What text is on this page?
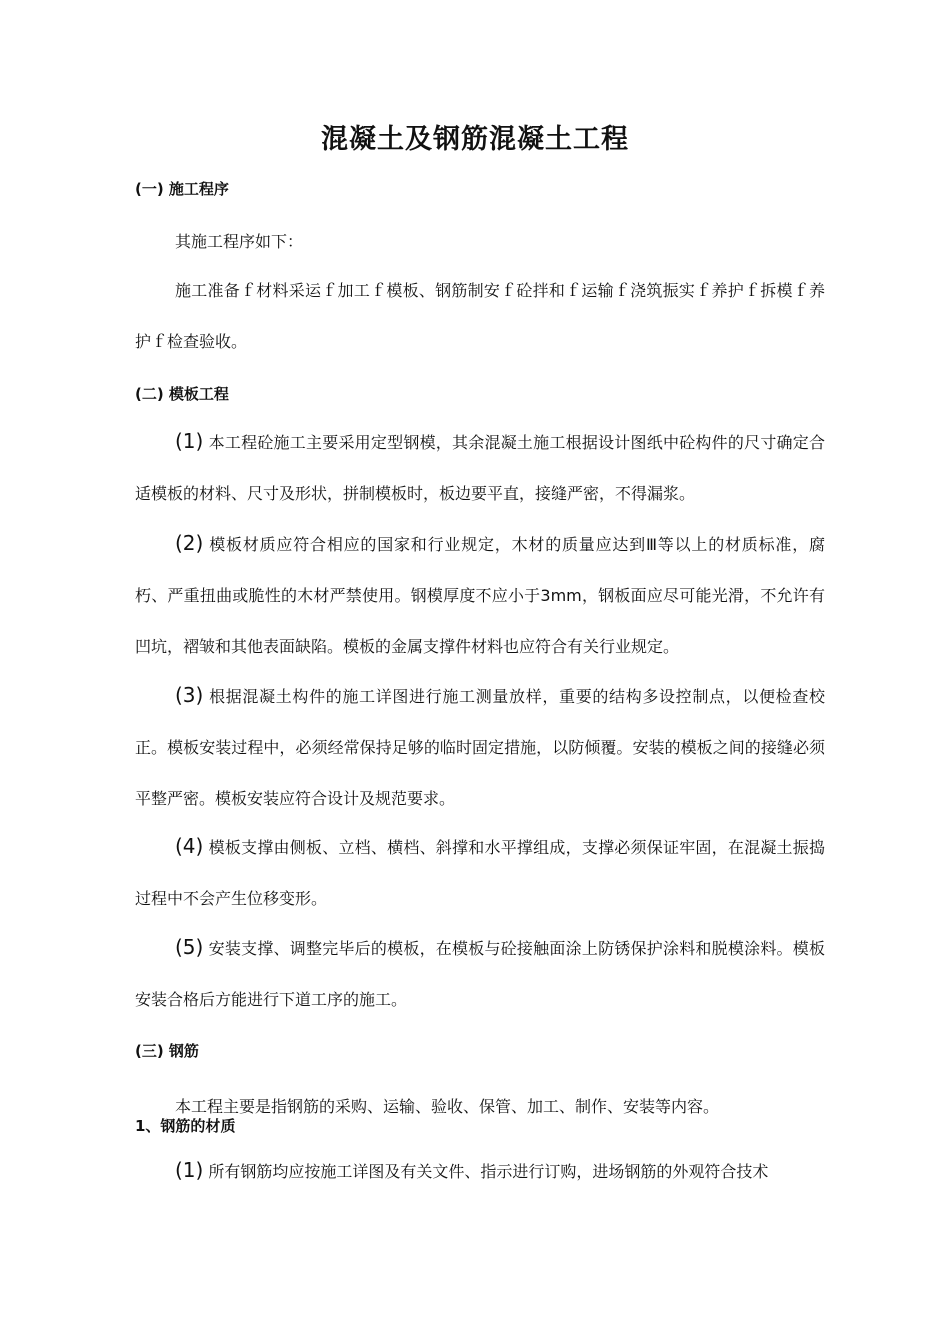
混凝土及钢筋混凝土工程
(一) 施工程序
其施工程序如下：

施工准备ｆ材料采运ｆ加工ｆ模板、钢筋制安ｆ砼拌和ｆ运输ｆ浇筑振实ｆ养护ｆ拆模ｆ养护ｆ检查验收。

(二) 模板工程

(1) 本工程砼施工主要采用定型钢模，其余混凝土施工根据设计图纸中砼构件的尺寸确定合适模板的材料、尺寸及形状，拼制模板时，板边要平直，接缝严密，不得漏浆。

(2) 模板材质应符合相应的国家和行业规定，木材的质量应达到Ⅲ等以上的材质标准，腐朽、严重扭曲或脆性的木材严禁使用。钢模厚度不应小于3mm，钢板面应尽可能光滑，不允许有凹坑，褶皱和其他表面缺陷。模板的金属支撑件材料也应符合有关行业规定。

(3) 根据混凝土构件的施工详图进行施工测量放样，重要的结构多设控制点，以便检查校正。模板安装过程中，必须经常保持足够的临时固定措施，以防倾覆。安装的模板之间的接缝必须平整严密。模板安装应符合设计及规范要求。

(4) 模板支撑由侧板、立档、横档、斜撑和水平撑组成，支撑必须保证牢固，在混凝土振捣过程中不会产生位移变形。

(5) 安装支撑、调整完毕后的模板，在模板与砼接触面涂上防锈保护涂料和脱模涂料。模板安装合格后方能进行下道工序的施工。

(三) 钢筋
本工程主要是指钢筋的采购、运输、验收、保管、加工、制作、安装等内容。
1、钢筋的材质

(1) 所有钢筋均应按施工详图及有关文件、指示进行订购，进场钢筋的外观符合技术
